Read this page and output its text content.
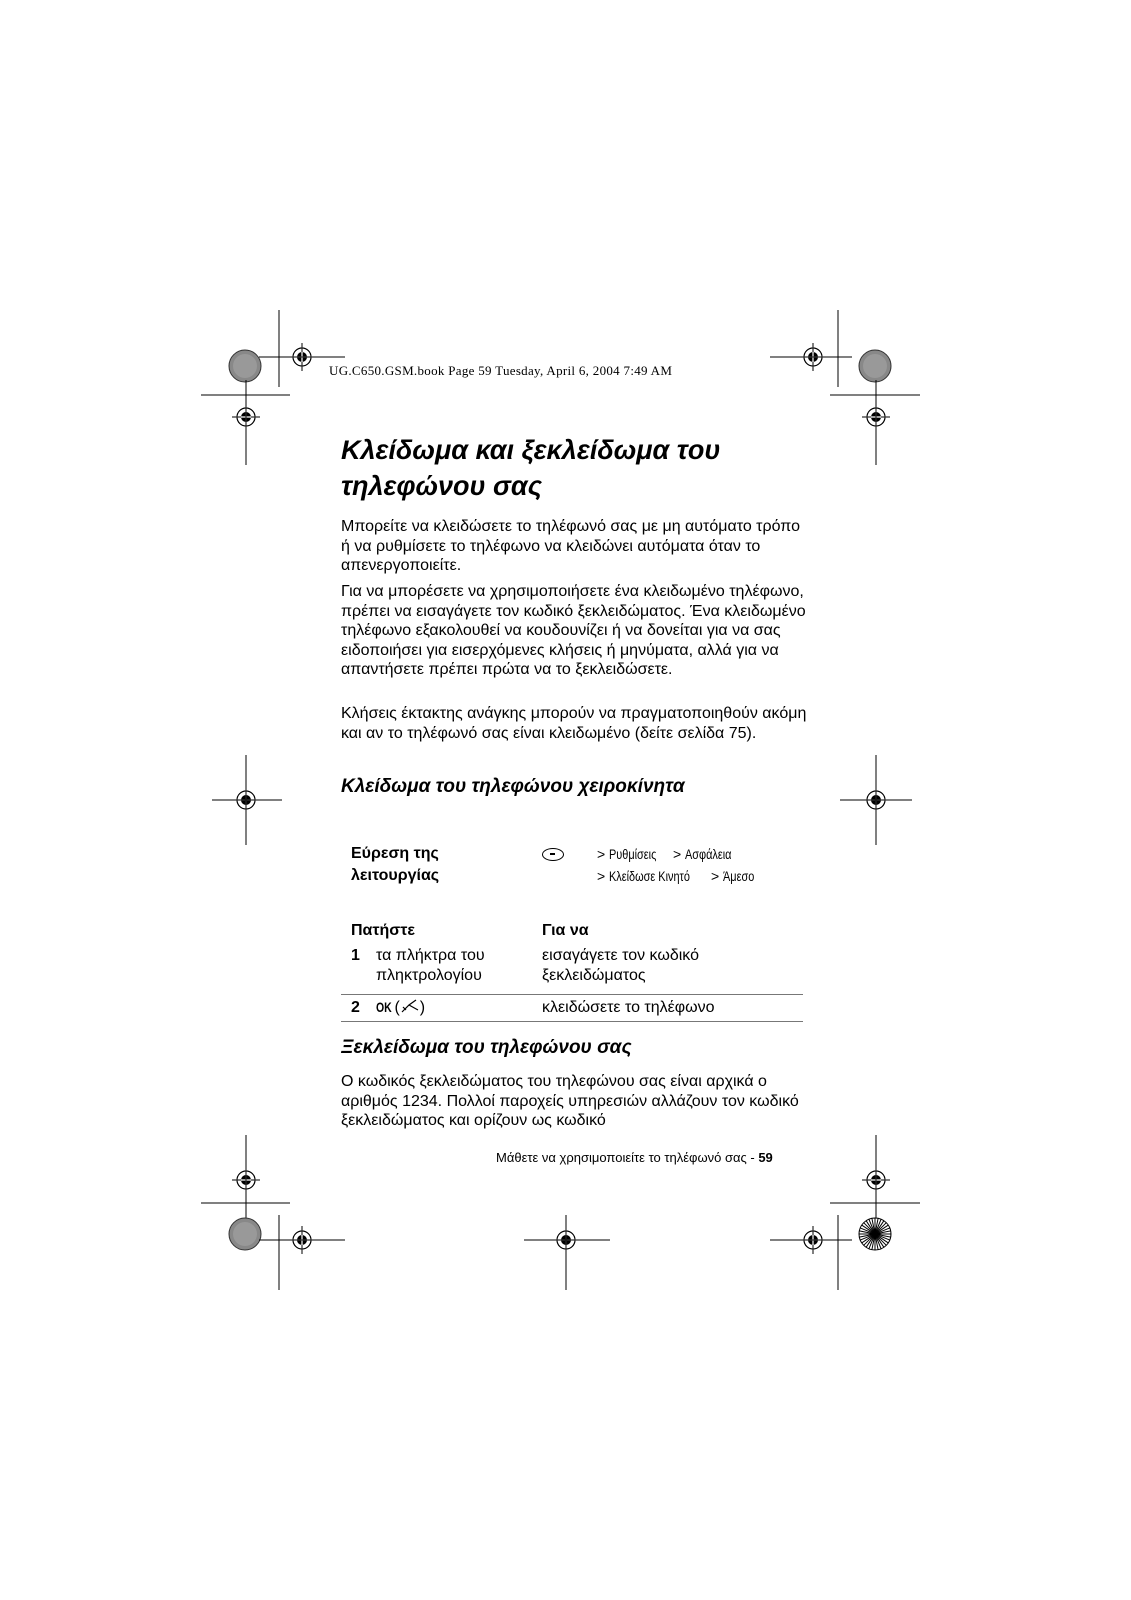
UG.C650.GSM.book Page 59 Tuesday, April 6, 2004 7:49 AM
Κλείδωμα και ξεκλείδωμα του
τηλεφώνου σας

Μπορείτε να κλειδώσετε το τηλέφωνό σας με μη αυτόματο τρόπο ή να ρυθμίσετε το τηλέφωνο να κλειδώνει αυτόματα όταν το απενεργοποιείτε.

Για να μπορέσετε να χρησιμοποιήσετε ένα κλειδωμένο τηλέφωνο, πρέπει να εισαγάγετε τον κωδικό ξεκλειδώματος. Ένα κλειδωμένο τηλέφωνο εξακολουθεί να κουδουνίζει ή να δονείται για να σας ειδοποιήσει για εισερχόμενες κλήσεις ή μηνύματα, αλλά για να απαντήσετε πρέπει πρώτα να το ξεκλειδώσετε.

Κλήσεις έκτακτης ανάγκης μπορούν να πραγματοποιηθούν ακόμη και αν το τηλέφωνό σας είναι κλειδωμένο (δείτε σελίδα 75).

Κλείδωμα του τηλεφώνου χειροκίνητα
Εύρεση της
λειτουργίας
> Ρυθμίσεις > Ασφάλεια
> Κλείδωσε Κινητό > Άμεσο
Πατήστε	Για να
1 τα πλήκτρα του
πληκτρολογίου
εισαγάγετε τον κωδικό
ξεκλειδώματος
2 OK ( )	κλειδώσετε το τηλέφωνο
Ξεκλείδωμα του τηλεφώνου σας

Ο κωδικός ξεκλειδώματος του τηλεφώνου σας είναι αρχικά ο αριθμός 1234. Πολλοί παροχείς υπηρεσιών αλλάζουν τον κωδικό ξεκλειδώματος και ορίζουν ως κωδικό

Μάθετε να χρησιμοποιείτε το τηλέφωνό σας - 59
